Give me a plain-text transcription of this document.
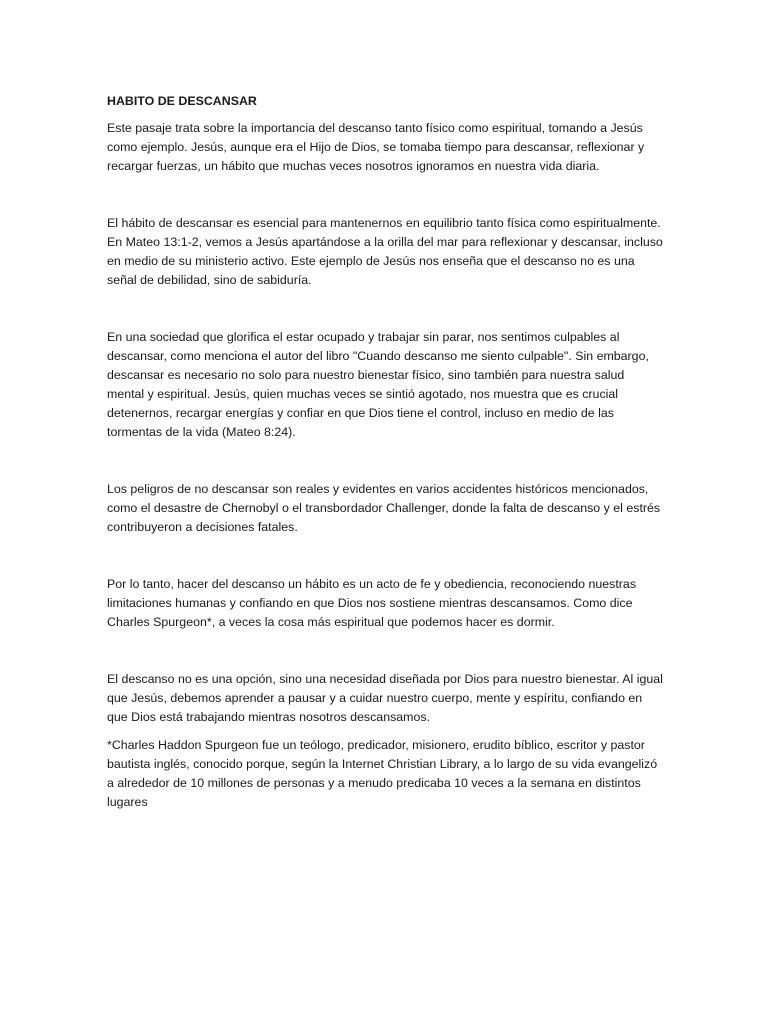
HABITO DE DESCANSAR

Este pasaje trata sobre la importancia del descanso tanto físico como espiritual, tomando a Jesús como ejemplo. Jesús, aunque era el Hijo de Dios, se tomaba tiempo para descansar, reflexionar y recargar fuerzas, un hábito que muchas veces nosotros ignoramos en nuestra vida diaria.

El hábito de descansar es esencial para mantenernos en equilibrio tanto física como espiritualmente. En Mateo 13:1-2, vemos a Jesús apartándose a la orilla del mar para reflexionar y descansar, incluso en medio de su ministerio activo. Este ejemplo de Jesús nos enseña que el descanso no es una señal de debilidad, sino de sabiduría.

En una sociedad que glorifica el estar ocupado y trabajar sin parar, nos sentimos culpables al descansar, como menciona el autor del libro "Cuando descanso me siento culpable". Sin embargo, descansar es necesario no solo para nuestro bienestar físico, sino también para nuestra salud mental y espiritual. Jesús, quien muchas veces se sintió agotado, nos muestra que es crucial detenernos, recargar energías y confiar en que Dios tiene el control, incluso en medio de las tormentas de la vida (Mateo 8:24).

Los peligros de no descansar son reales y evidentes en varios accidentes históricos mencionados, como el desastre de Chernobyl o el transbordador Challenger, donde la falta de descanso y el estrés contribuyeron a decisiones fatales.

Por lo tanto, hacer del descanso un hábito es un acto de fe y obediencia, reconociendo nuestras limitaciones humanas y confiando en que Dios nos sostiene mientras descansamos. Como dice Charles Spurgeon*, a veces la cosa más espiritual que podemos hacer es dormir.

El descanso no es una opción, sino una necesidad diseñada por Dios para nuestro bienestar. Al igual que Jesús, debemos aprender a pausar y a cuidar nuestro cuerpo, mente y espíritu, confiando en que Dios está trabajando mientras nosotros descansamos.

*Charles Haddon Spurgeon fue un teólogo, predicador, misionero, erudito bíblico, escritor y pastor bautista inglés, conocido porque, según la Internet Christian Library, a lo largo de su vida evangelizó a alrededor de 10 millones de personas y a menudo predicaba 10 veces a la semana en distintos lugares
